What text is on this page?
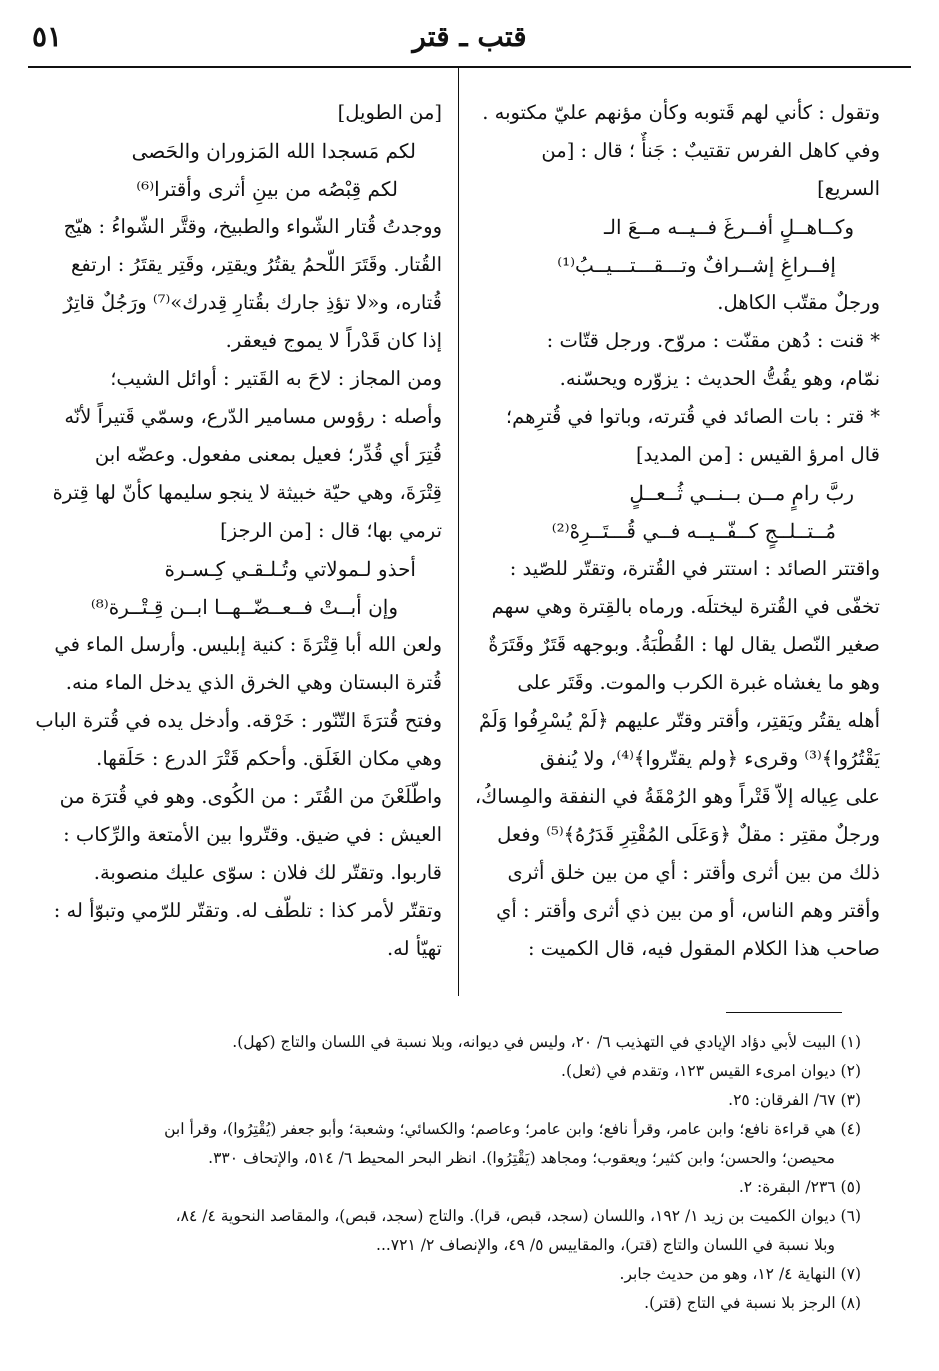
قتب ـ قتر
٥١
وتقول : كأني لهم قَتوبه وكأن مؤنهم عليّ مكتوبه .
وفي كاهل الفرس تقتيبٌ : جَنأٌ ؛ قال : [من
السريع]
وكــاهــلٍ أفــرغَ فــيــه مــعَ الـ
إفــراغِ إشــرافٌ وتـــقـــتـــيــبُ⁽¹⁾
ورجلٌ مقتّب الكاهل.
* قنت : دُهن مقنّت : مروّح. ورجل قتّات :
نمّام، وهو يقُتُّ الحديث : يزوّره ويحسّنه.
* قتر : بات الصائد في قُترته، وباتوا في قُترِهم؛
قال امرؤ القيس : [من المديد]
ربَّ رامٍ مــن بــنــي ثُــعــلٍ
مُــتــلــجٍ كــفّــيــه فــي قُـــتَــرِهْ⁽²⁾
واقتتر الصائد : استتر في القُترة، وتقتّر للصّيد :
تخفّى في القُترة ليختلَه. ورماه بالقِترة وهي سهم
صغير النّصل يقال لها : القُطْبَةُ. وبوجهه قَتَرٌ وقَتَرَةٌ
وهو ما يغشاه غبرة الكرب والموت. وقَتَر على
أهله يقتُر ويَقتِر، وأقتر وقتّر عليهم ﴿لَمْ يُسْرِفُوا وَلَمْ
يَقْتُرُوا﴾⁽³⁾ وقرىء ﴿ولم يقتّروا﴾⁽⁴⁾، ولا يُنفق
على عِياله إلاّ قَتْراً وهو الرُمْقَةُ في النفقة والمِساكُ،
ورجلٌ مقتِر : مقلٌ ﴿وَعَلَى المُقْتِرِ قَدَرُهُ﴾⁽⁵⁾ وفعل
ذلك من بين أثرى وأقتر : أي من بين خلق أثرى
وأقتر وهم الناس، أو من بين ذي أثرى وأقتر : أي
صاحب هذا الكلام المقول فيه، قال الكميت :
[من الطويل]
لكم مَسجدا الله المَزوران والحَصى
لكم قِبْصُه من بينِ أثرى وأقترا⁽⁶⁾
ووجدتُ قُتار الشّواء والطبيخ، وقتَّر الشّواءُ : هيّج
القُتار. وقَتَرَ اللّحمُ يقتُرُ ويقتِر، وقَتِر يقتَرُ : ارتفع
قُتاره، و«لا تؤذِ جارك بقُتارِ قِدرك»⁽⁷⁾ ورَجُلٌ قاتِرٌ
إذا كان قَدْراً لا يموج فيعقر.
ومن المجاز : لاحَ به القَتير : أوائل الشيب؛
وأصله : رؤوس مسامير الدّرع، وسمّي قَتيراً لأنّه
قُتِرَ أي قُدِّر؛ فعيل بمعنى مفعول. وعضّه ابن
قِتْرَةَ، وهي حيّة خبيثة لا ينجو سليمها كأنّ لها قِترة
ترمي بها؛ قال : [من الرجز]
أحذو لـمولاتي وتُـلـقـي كِـسـرة
وإن أبــتْ فــعــضّــهــا ابــن قِـتْــرة⁽⁸⁾
ولعن الله أبا قِتْرَةَ : كنية إبليس. وأرسل الماء في
قُترة البستان وهي الخرق الذي يدخل الماء منه.
وفتح قُترَةَ التّنّور : خَرْقه. وأدخل يده في قُترة الباب
وهي مكان الغَلَق. وأحكم قَتْرَ الدرع : حَلَقها.
واطّلَعْنَ من القُتَر : من الكُوى. وهو في قُترَة من
العيش : في ضيق. وقتّروا بين الأمتعة والرِّكاب :
قاربوا. وتقتّر لك فلان : سوّى عليك منصوبة.
وتقتّر لأمر كذا : تلطّف له. وتقتّر للرّمي وتبوّأ له :
تهيّأ له.
(١) البيت لأبي دؤاد الإيادي في التهذيب ٦/ ٢٠، وليس في ديوانه، وبلا نسبة في اللسان والتاج (كهل).
(٢) ديوان امرىء القيس ١٢٣، وتقدم في (ثعل).
(٣) ٦٧/ الفرقان: ٢٥.
(٤) هي قراءة نافع؛ وابن عامر، وقرأ نافع؛ وابن عامر؛ وعاصم؛ والكسائي؛ وشعبة؛ وأبو جعفر (يُقْتِرُوا)، وقرأ ابن
محيصن؛ والحسن؛ وابن كثير؛ ويعقوب؛ ومجاهد (يَقْتِرُوا). انظر البحر المحيط ٦/ ٥١٤، والإتحاف ٣٣٠.
(٥) ٢٣٦/ البقرة: ٢.
(٦) ديوان الكميت بن زيد ١/ ١٩٢، واللسان (سجد، قبص، قرا). والتاج (سجد، قبص)، والمقاصد النحوية ٤/ ٨٤،
وبلا نسبة في اللسان والتاج (قتر)، والمقاييس ٥/ ٤٩، والإنصاف ٢/ ٧٢١...
(٧) النهاية ٤/ ١٢، وهو من حديث جابر.
(٨) الرجز بلا نسبة في التاج (قتر).
